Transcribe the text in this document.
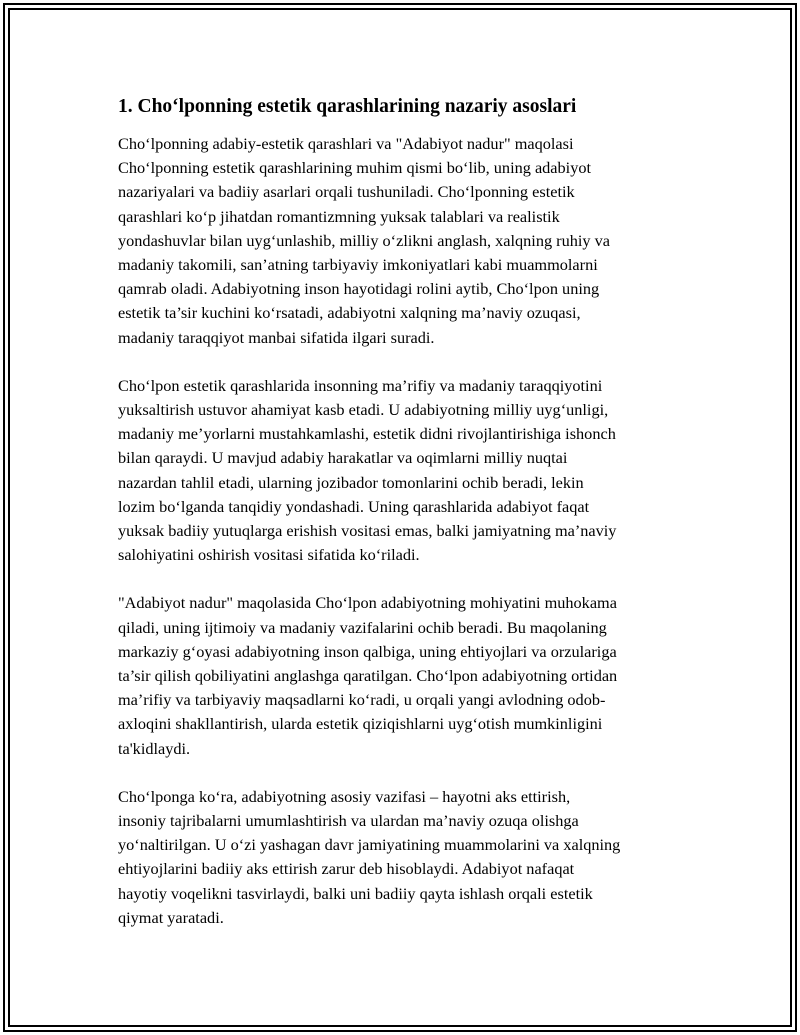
1. Choʻlponning estetik qarashlarining nazariy asoslari

Choʻlponning adabiy-estetik qarashlari va "Adabiyot nadur" maqolasi
Choʻlponning estetik qarashlarining muhim qismi boʻlib, uning adabiyot
nazariyalari va badiiy asarlari orqali tushuniladi. Choʻlponning estetik
qarashlari koʻp jihatdan romantizmning yuksak talablari va realistik
yondashuvlar bilan uygʻunlashib, milliy oʻzlikni anglash, xalqning ruhiy va
madaniy takomili, san’atning tarbiyaviy imkoniyatlari kabi muammolarni
qamrab oladi. Adabiyotning inson hayotidagi rolini aytib, Choʻlpon uning
estetik ta’sir kuchini koʻrsatadi, adabiyotni xalqning ma’naviy ozuqasi,
madaniy taraqqiyot manbai sifatida ilgari suradi.

Choʻlpon estetik qarashlarida insonning ma’rifiy va madaniy taraqqiyotini
yuksaltirish ustuvor ahamiyat kasb etadi. U adabiyotning milliy uygʻunligi,
madaniy me’yorlarni mustahkamlashi, estetik didni rivojlantirishiga ishonch
bilan qaraydi. U mavjud adabiy harakatlar va oqimlarni milliy nuqtai
nazardan tahlil etadi, ularning jozibador tomonlarini ochib beradi, lekin
lozim boʻlganda tanqidiy yondashadi. Uning qarashlarida adabiyot faqat
yuksak badiiy yutuqlarga erishish vositasi emas, balki jamiyatning ma’naviy
salohiyatini oshirish vositasi sifatida koʻriladi.

"Adabiyot nadur" maqolasida Choʻlpon adabiyotning mohiyatini muhokama
qiladi, uning ijtimoiy va madaniy vazifalarini ochib beradi. Bu maqolaning
markaziy gʻoyasi adabiyotning inson qalbiga, uning ehtiyojlari va orzulariga
ta’sir qilish qobiliyatini anglashga qaratilgan. Choʻlpon adabiyotning ortidan
ma’rifiy va tarbiyaviy maqsadlarni koʻradi, u orqali yangi avlodning odob-
axloqini shakllantirish, ularda estetik qiziqishlarni uygʻotish mumkinligini
ta'kidlaydi.

Choʻlponga koʻra, adabiyotning asosiy vazifasi – hayotni aks ettirish,
insoniy tajribalarni umumlashtirish va ulardan ma’naviy ozuqa olishga
yoʻnaltirilgan. U oʻzi yashagan davr jamiyatining muammolarini va xalqning
ehtiyojlarini badiiy aks ettirish zarur deb hisoblaydi. Adabiyot nafaqat
hayotiy voqelikni tasvirlaydi, balki uni badiiy qayta ishlash orqali estetik
qiymat yaratadi.
